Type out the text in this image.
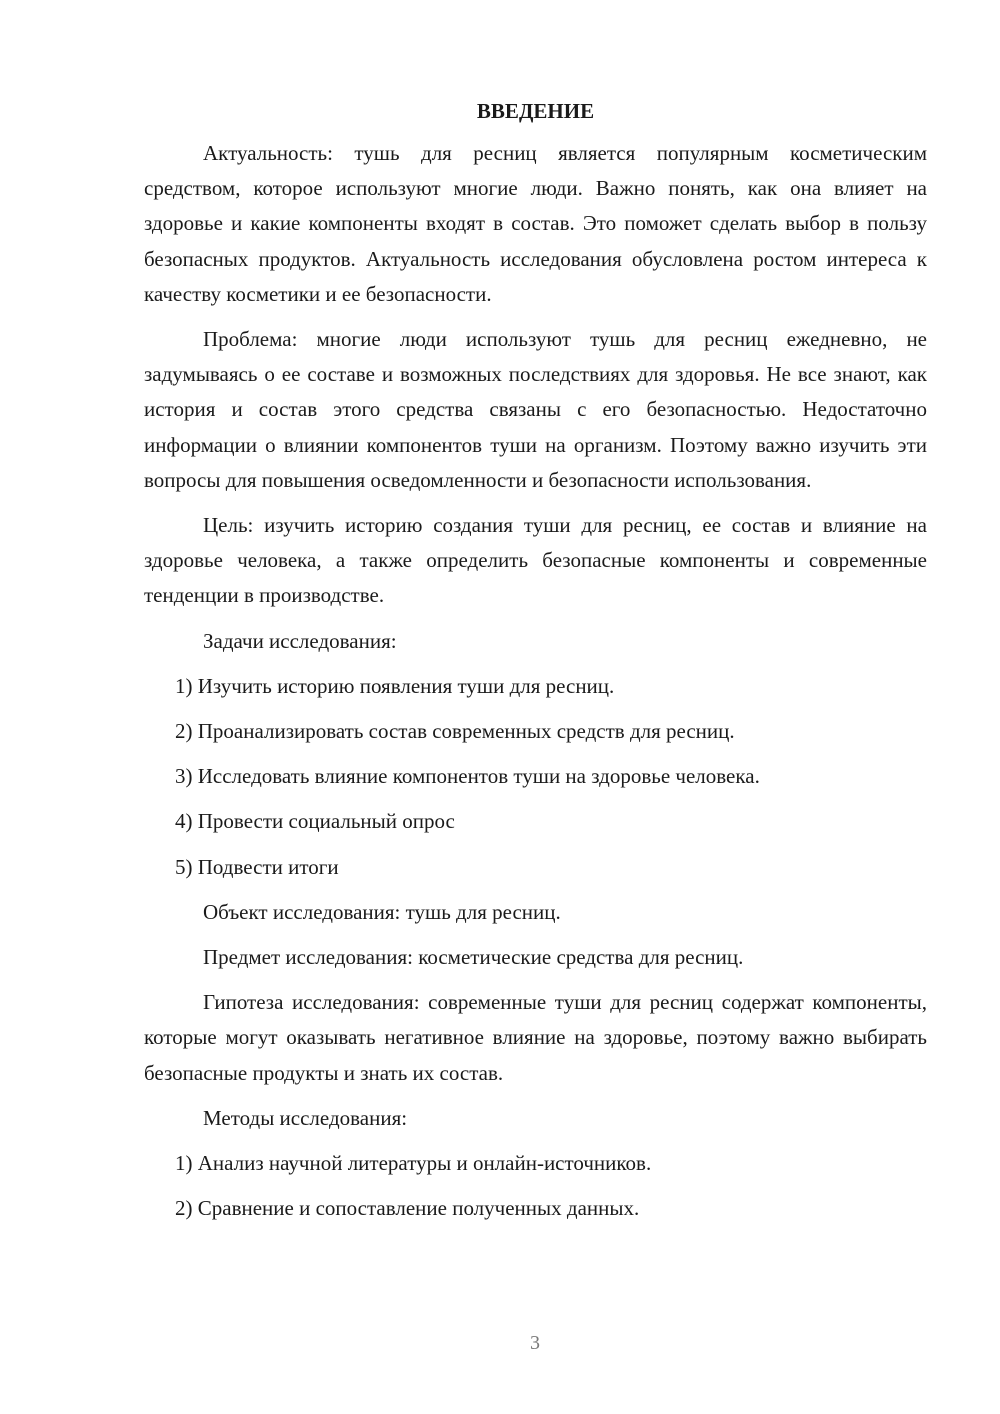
ВВЕДЕНИЕ

Актуальность: тушь для ресниц является популярным косметическим средством, которое используют многие люди. Важно понять, как она влияет на здоровье и какие компоненты входят в состав. Это поможет сделать выбор в пользу безопасных продуктов. Актуальность исследования обусловлена ростом интереса к качеству косметики и ее безопасности.

Проблема: многие люди используют тушь для ресниц ежедневно, не задумываясь о ее составе и возможных последствиях для здоровья. Не все знают, как история и состав этого средства связаны с его безопасностью. Недостаточно информации о влиянии компонентов туши на организм. Поэтому важно изучить эти вопросы для повышения осведомленности и безопасности использования.

Цель: изучить историю создания туши для ресниц, ее состав и влияние на здоровье человека, а также определить безопасные компоненты и современные тенденции в производстве.

Задачи исследования:

1) Изучить историю появления туши для ресниц.
2) Проанализировать состав современных средств для ресниц.
3) Исследовать влияние компонентов туши на здоровье человека.
4) Провести социальный опрос
5) Подвести итоги

Объект исследования: тушь для ресниц.

Предмет исследования: косметические средства для ресниц.

Гипотеза исследования: современные туши для ресниц содержат компоненты, которые могут оказывать негативное влияние на здоровье, поэтому важно выбирать безопасные продукты и знать их состав.

Методы исследования:

1) Анализ научной литературы и онлайн-источников.
2) Сравнение и сопоставление полученных данных.
3
